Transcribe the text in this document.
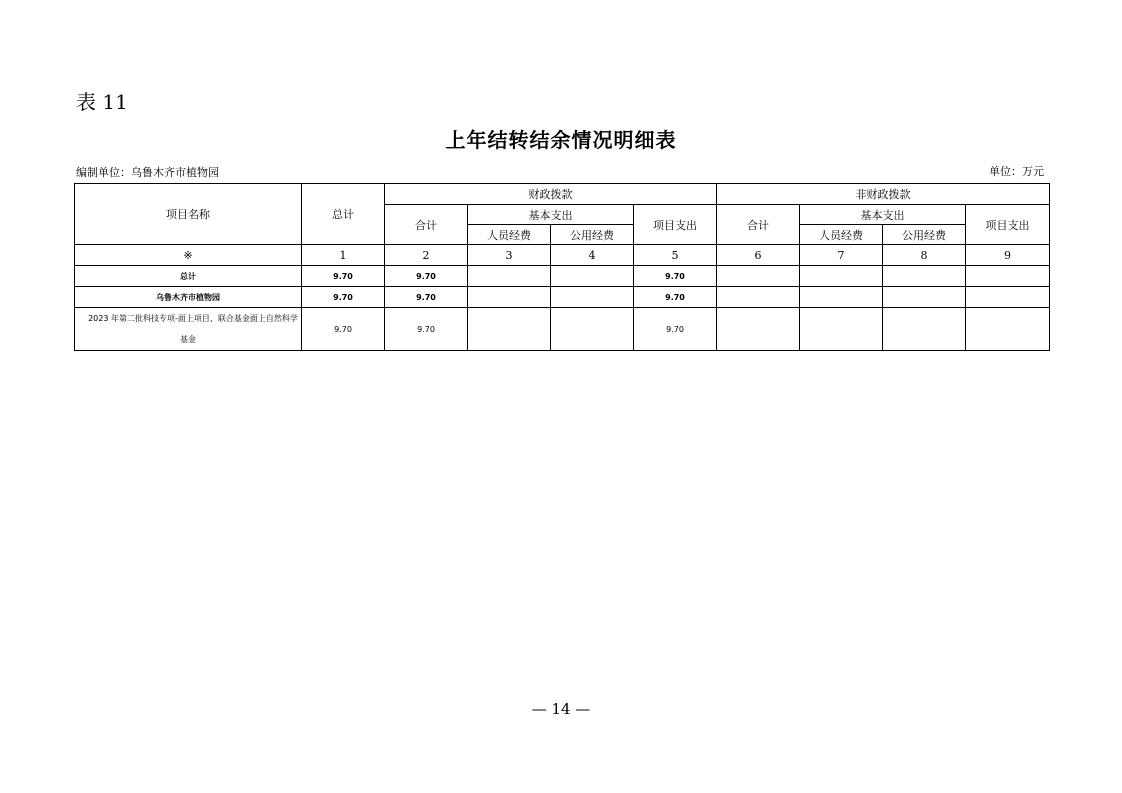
表 11
上年结转结余情况明细表
编制单位：乌鲁木齐市植物园	单位：万元
项目名称	总计	财政拨款				非财政拨款			
		合计	基本支出		项目支出	合计	基本支出		项目支出
			人员经费	公用经费			人员经费	公用经费	
※	1	2	3	4	5	6	7	8	9
总计	9.70	9.70			9.70				
乌鲁木齐市植物园	9.70	9.70			9.70				
2023 年第二批科技专项-面上项目、联合基金面上自然科学基金	9.70	9.70			9.70				
— 14 —
